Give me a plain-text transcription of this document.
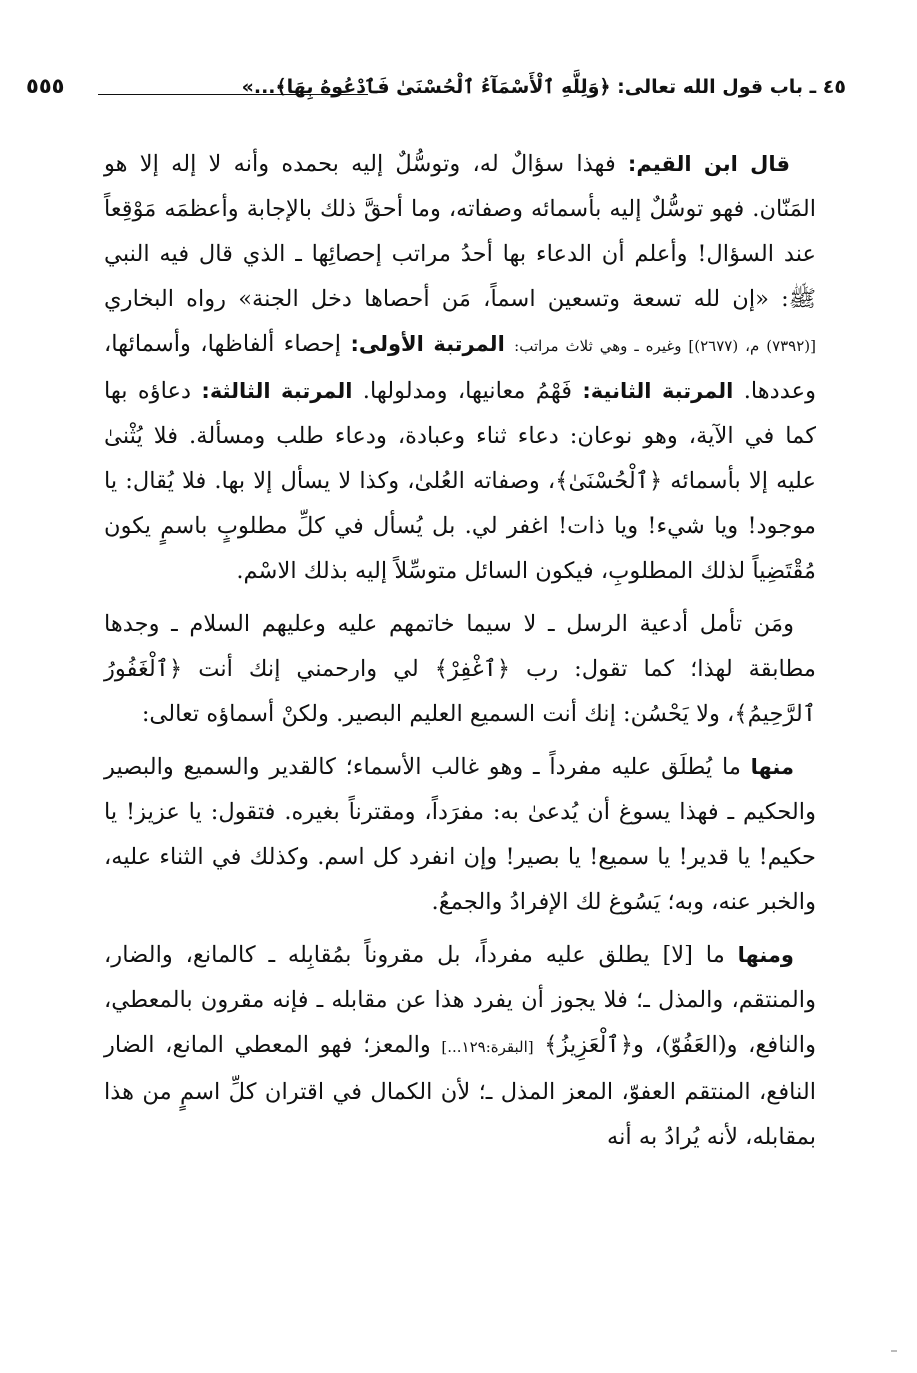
٤٥ ـ باب قول الله تعالى: ﴿وَلِلَّهِ ٱلْأَسْمَآءُ ٱلْحُسْنَىٰ فَٱدْعُوهُ بِهَا﴾...»
٥٥٥

قال ابن القيم: فهذا سؤالٌ له، وتوسُّلٌ إليه بحمده وأنه لا إله إلا هو المَنّان. فهو توسُّلٌ إليه بأسمائه وصفاته، وما أحقَّ ذلك بالإجابة وأعظمَه مَوْقِعاً عند السؤال! وأعلم أن الدعاء بها أحدُ مراتب إحصائِها ـ الذي قال فيه النبي ﷺ: «إن لله تسعة وتسعين اسماً، مَن أحصاها دخل الجنة» رواه البخاري [(٧٣٩٢) م، (٢٦٧٧)] وغيره ـ وهي ثلاث مراتب: المرتبة الأولى: إحصاء ألفاظها، وأسمائها، وعددها. المرتبة الثانية: فَهْمُ معانيها، ومدلولها. المرتبة الثالثة: دعاؤه بها كما في الآية، وهو نوعان: دعاء ثناء وعبادة، ودعاء طلب ومسألة. فلا يُثْنىٰ عليه إلا بأسمائه ﴿ٱلْحُسْنَىٰ﴾، وصفاته العُلىٰ، وكذا لا يسأل إلا بها. فلا يُقال: يا موجود! ويا شيء! ويا ذات! اغفر لي. بل يُسأل في كلِّ مطلوبٍ باسمٍ يكون مُقْتَضِياً لذلك المطلوبِ، فيكون السائل متوسِّلاً إليه بذلك الاسْم.

ومَن تأمل أدعية الرسل ـ لا سيما خاتمهم عليه وعليهم السلام ـ وجدها مطابقة لهذا؛ كما تقول: رب ﴿ٱغْفِرْ﴾ لي وارحمني إنك أنت ﴿ٱلْغَفُورُ ٱلرَّحِيمُ﴾، ولا يَحْسُن: إنك أنت السميع العليم البصير. ولكنْ أسماؤه تعالى:

منها ما يُطلَق عليه مفرداً ـ وهو غالب الأسماء؛ كالقدير والسميع والبصير والحكيم ـ فهذا يسوغ أن يُدعىٰ به: مفرَداً، ومقترناً بغيره. فتقول: يا عزيز! يا حكيم! يا قدير! يا سميع! يا بصير! وإن انفرد كل اسم. وكذلك في الثناء عليه، والخبر عنه، وبه؛ يَسُوغ لك الإفرادُ والجمعُ.

ومنها ما [لا] يطلق عليه مفرداً، بل مقروناً بمُقابِله ـ كالمانع، والضار، والمنتقم، والمذل ـ؛ فلا يجوز أن يفرد هذا عن مقابله ـ فإنه مقرون بالمعطي، والنافع، و(العَفُوّ)، و﴿ٱلْعَزِيزُ﴾ [البقرة:١٢٩...] والمعز؛ فهو المعطي المانع، الضار النافع، المنتقم العفوّ، المعز المذل ـ؛ لأن الكمال في اقتران كلِّ اسمٍ من هذا بمقابله، لأنه يُرادُ به أنه
